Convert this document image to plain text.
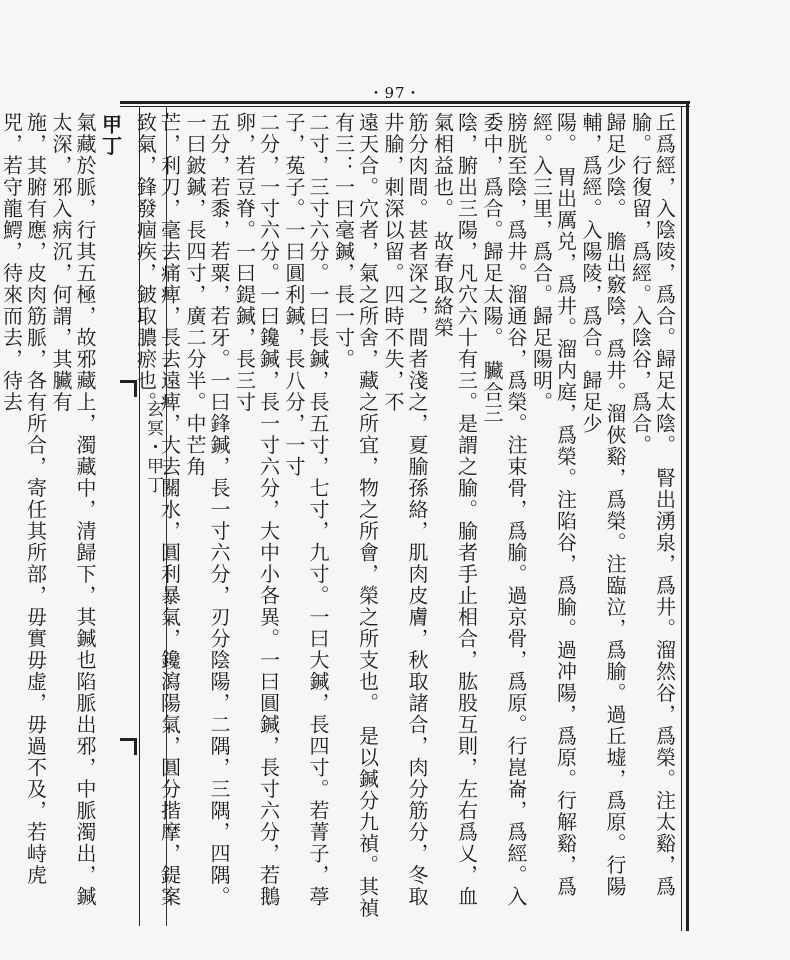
・97・
玄冥・甲丁	丘爲經，入陰陵，爲合。歸足太陰。　腎出湧泉，爲井。溜然谷，爲榮。注太谿，爲腧。行復留，爲經。入陰谷，爲合。
歸足少陰。　膽出竅陰，爲井。溜俠谿，爲榮。注臨泣，爲腧。過丘墟，爲原。行陽輔，爲經。入陽陵，爲合。歸足少
陽。　胃出厲兑，爲井。溜内庭，爲榮。注陷谷，爲腧。過冲陽，爲原。行解谿，爲經。入三里，爲合。歸足陽明。
膀胱至陰，爲井。溜通谷，爲榮。注束骨，爲腧。過京骨，爲原。行崑崙，爲經。入委中，爲合。歸足太陽。　臟合三
陰，腑出三陽，凡穴六十有三。是謂之腧。腧者手止相合，肱股互則，左右爲乂，血氣相益也。　故春取絡榮
筋分肉間。甚者深之，間者淺之，夏腧孫絡，肌肉皮膚，秋取諸合，肉分筋分，冬取井腧，刺深以留。四時不失，不
遠天合。穴者，氣之所舍，藏之所宜，物之所會，榮之所支也。　是以鍼分九禎。其禎有三：一曰毫鍼，長一寸。
二寸，三寸六分。一曰長鍼，長五寸，七寸，九寸。一曰大鍼，長四寸。若菁子，葶子，菟子。一曰圓利鍼，長八分，一寸
二分，一寸六分。一曰鑱鍼，長一寸六分，大中小各異。一曰圓鍼，長寸六分，若鵝卵，若豆脊。一曰鍉鍼，長三寸
五分，若黍，若粟，若牙。一曰鋒鍼，長一寸六分，刃分陰陽，二隅，三隅，四隅。一曰鈹鍼，長四寸，廣二分半。中芒角
芒，利刀，毫去痛痺，長去遠痺，大去關水，圓利暴氣，鑱瀉陽氣，圓分揩摩，鍉案致氣，鋒發痼疾，鈹取膿瘀也。
甲丁
氣藏於脈，行其五極，故邪藏上，濁藏中，清歸下，其鍼也陷脈出邪，中脈濁出，鍼太深，邪入病沉，何謂，其臟有
施，其腑有應，皮肉筋脈，各有所合，寄任其所部，毋實毋虚，毋過不及，若峙虎兕，若守龍鰐，待來而去，待去
